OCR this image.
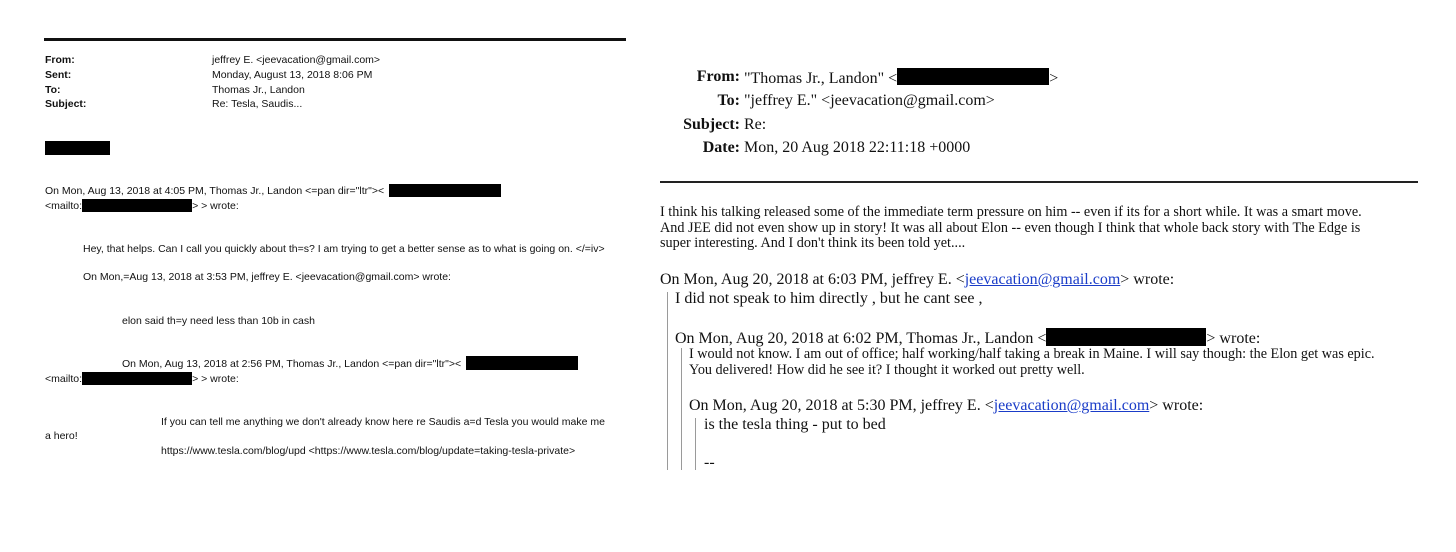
From:	jeffrey E. <jeevacation@gmail.com>
Sent:	Monday, August 13, 2018 8:06 PM
To:	Thomas Jr., Landon
Subject:	Re: Tesla, Saudis...
On Mon, Aug 13, 2018 at 4:05 PM, Thomas Jr., Landon <=pan dir="ltr"><
<mailto:	> > wrote:
Hey, that helps. Can I call you quickly about th=s? I am trying to get a better sense as to what is going on. </=iv>
On Mon,=Aug 13, 2018 at 3:53 PM, jeffrey E. <jeevacation@gmail.com> wrote:
elon said th=y need less than 10b in cash
On Mon, Aug 13, 2018 at 2:56 PM, Thomas Jr., Landon <=pan dir="ltr"><
<mailto:	> > wrote:
If you can tell me anything we don't already know here re Saudis a=d Tesla you would make me
a hero!
https://www.tesla.com/blog/upd <https://www.tesla.com/blog/update=taking-tesla-private>
From: "Thomas Jr., Landon" <	>
To: "jeffrey E." <jeevacation@gmail.com>
Subject: Re:
Date: Mon, 20 Aug 2018 22:11:18 +0000
I think his talking released some of the immediate term pressure on him -- even if its for a short while. It was a smart move.
And JEE did not even show up in story! It was all about Elon -- even though I think that whole back story with The Edge is
super interesting. And I don't think its been told yet....
On Mon, Aug 20, 2018 at 6:03 PM, jeffrey E. <jeevacation@gmail.com> wrote:
I did not speak to him directly , but he cant see ,
On Mon, Aug 20, 2018 at 6:02 PM, Thomas Jr., Landon <	> wrote:
I would not know. I am out of office; half working/half taking a break in Maine. I will say though: the Elon get was epic.
You delivered! How did he see it? I thought it worked out pretty well.
On Mon, Aug 20, 2018 at 5:30 PM, jeffrey E. <jeevacation@gmail.com> wrote:
is the tesla thing - put to bed
--
